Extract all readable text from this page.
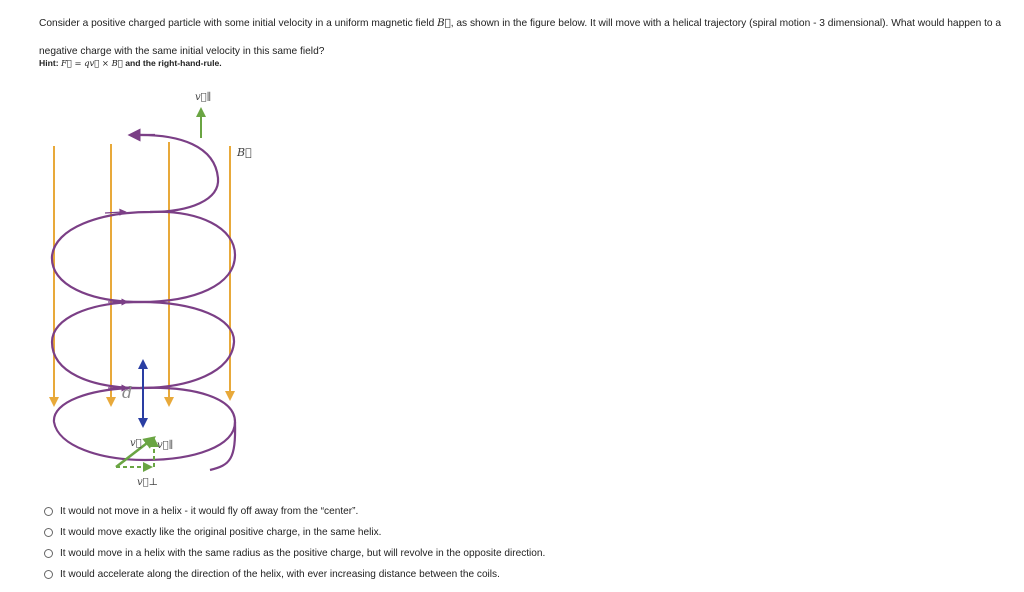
Consider a positive charged particle with some initial velocity in a uniform magnetic field B⃗, as shown in the figure below. It will move with a helical trajectory (spiral motion - 3 dimensional). What would happen to a negative charge with the same initial velocity in this same field?
Hint: F⃗ = qv⃗ × B⃗ and the right-hand-rule.
v⃗∥
B⃗
d
v⃗ v⃗∥
v⃗⊥
It would not move in a helix - it would fly off away from the “center”.
It would move exactly like the original positive charge, in the same helix.
It would move in a helix with the same radius as the positive charge, but will revolve in the opposite direction.
It would accelerate along the direction of the helix, with ever increasing distance between the coils.
